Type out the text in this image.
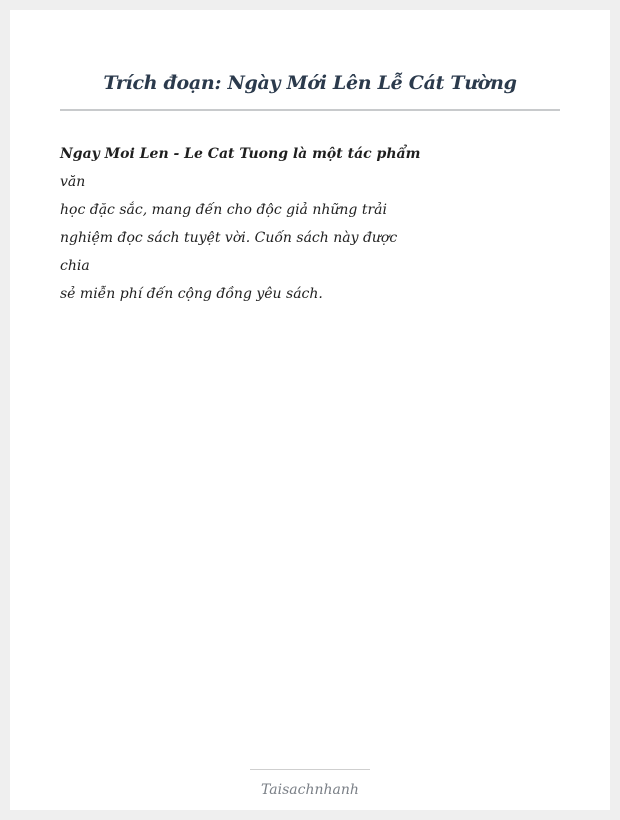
Trích đoạn: Ngày Mới Lên Lễ Cát Tường

Ngay Moi Len - Le Cat Tuong là một tác phẩm
văn
học đặc sắc, mang đến cho độc giả những trải
nghiệm đọc sách tuyệt vời. Cuốn sách này được
chia
sẻ miễn phí đến cộng đồng yêu sách.

Taisachnhanh
